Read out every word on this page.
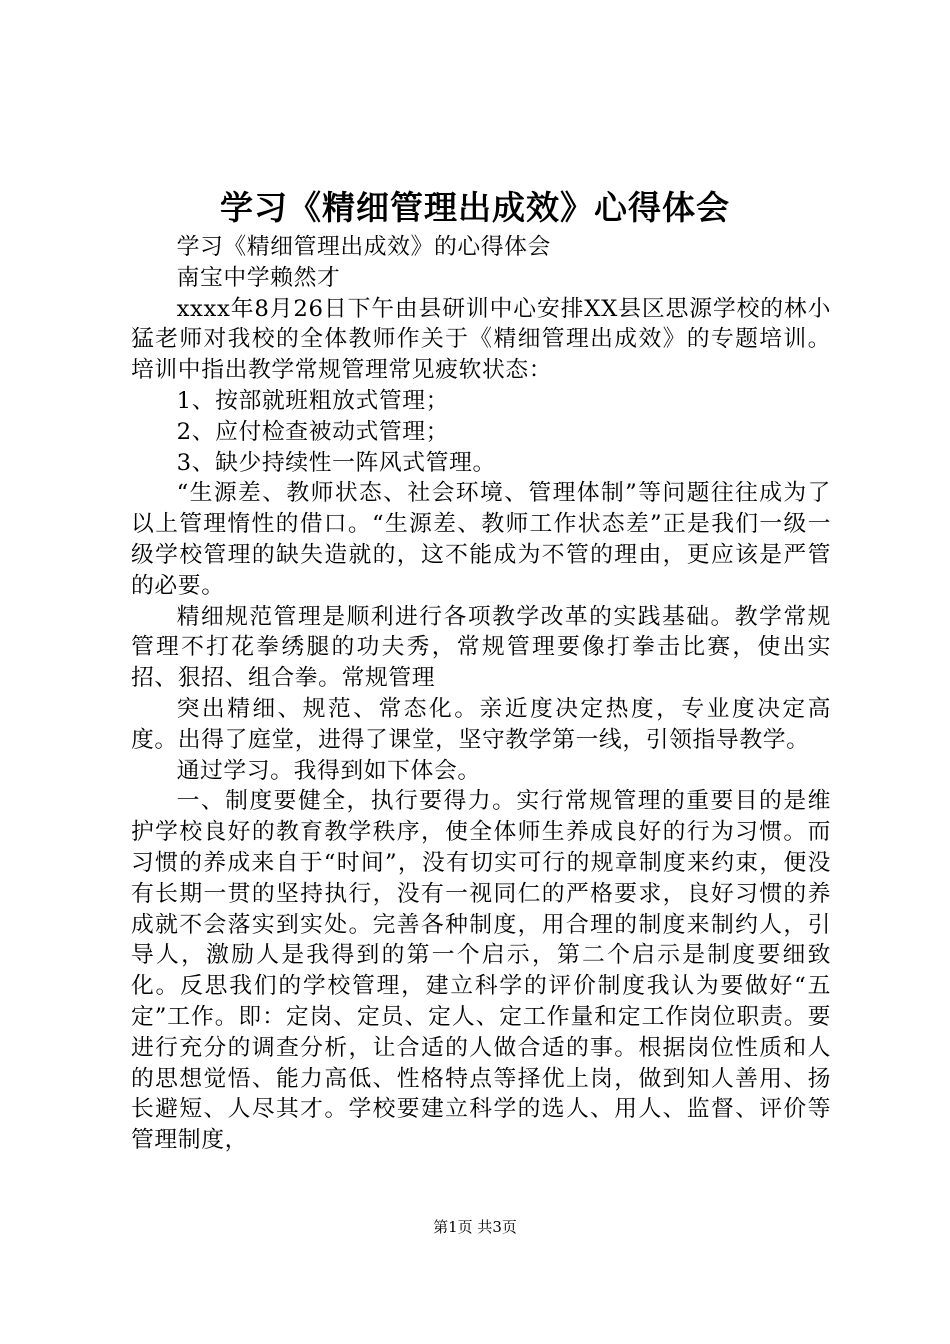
学习《精细管理出成效》心得体会

学习《精细管理出成效》的心得体会

南宝中学赖然才

xxxx年8月26日下午由县研训中心安排XX县区思源学校的林小猛老师对我校的全体教师作关于《精细管理出成效》的专题培训。培训中指出教学常规管理常见疲软状态：

1、按部就班粗放式管理；

2、应付检查被动式管理；

3、缺少持续性一阵风式管理。

“生源差、教师状态、社会环境、管理体制”等问题往往成为了以上管理惰性的借口。“生源差、教师工作状态差”正是我们一级一级学校管理的缺失造就的，这不能成为不管的理由，更应该是严管的必要。

精细规范管理是顺利进行各项教学改革的实践基础。教学常规管理不打花拳绣腿的功夫秀，常规管理要像打拳击比赛，使出实招、狠招、组合拳。常规管理

突出精细、规范、常态化。亲近度决定热度，专业度决定高度。出得了庭堂，进得了课堂，坚守教学第一线，引领指导教学。

通过学习。我得到如下体会。

一、制度要健全，执行要得力。实行常规管理的重要目的是维护学校良好的教育教学秩序，使全体师生养成良好的行为习惯。而习惯的养成来自于“时间”，没有切实可行的规章制度来约束，便没有长期一贯的坚持执行，没有一视同仁的严格要求，良好习惯的养成就不会落实到实处。完善各种制度，用合理的制度来制约人，引导人，激励人是我得到的第一个启示，第二个启示是制度要细致化。反思我们的学校管理，建立科学的评价制度我认为要做好“五定”工作。即：定岗、定员、定人、定工作量和定工作岗位职责。要进行充分的调查分析，让合适的人做合适的事。根据岗位性质和人的思想觉悟、能力高低、性格特点等择优上岗，做到知人善用、扬长避短、人尽其才。学校要建立科学的选人、用人、监督、评价等管理制度，

第1页 共3页
